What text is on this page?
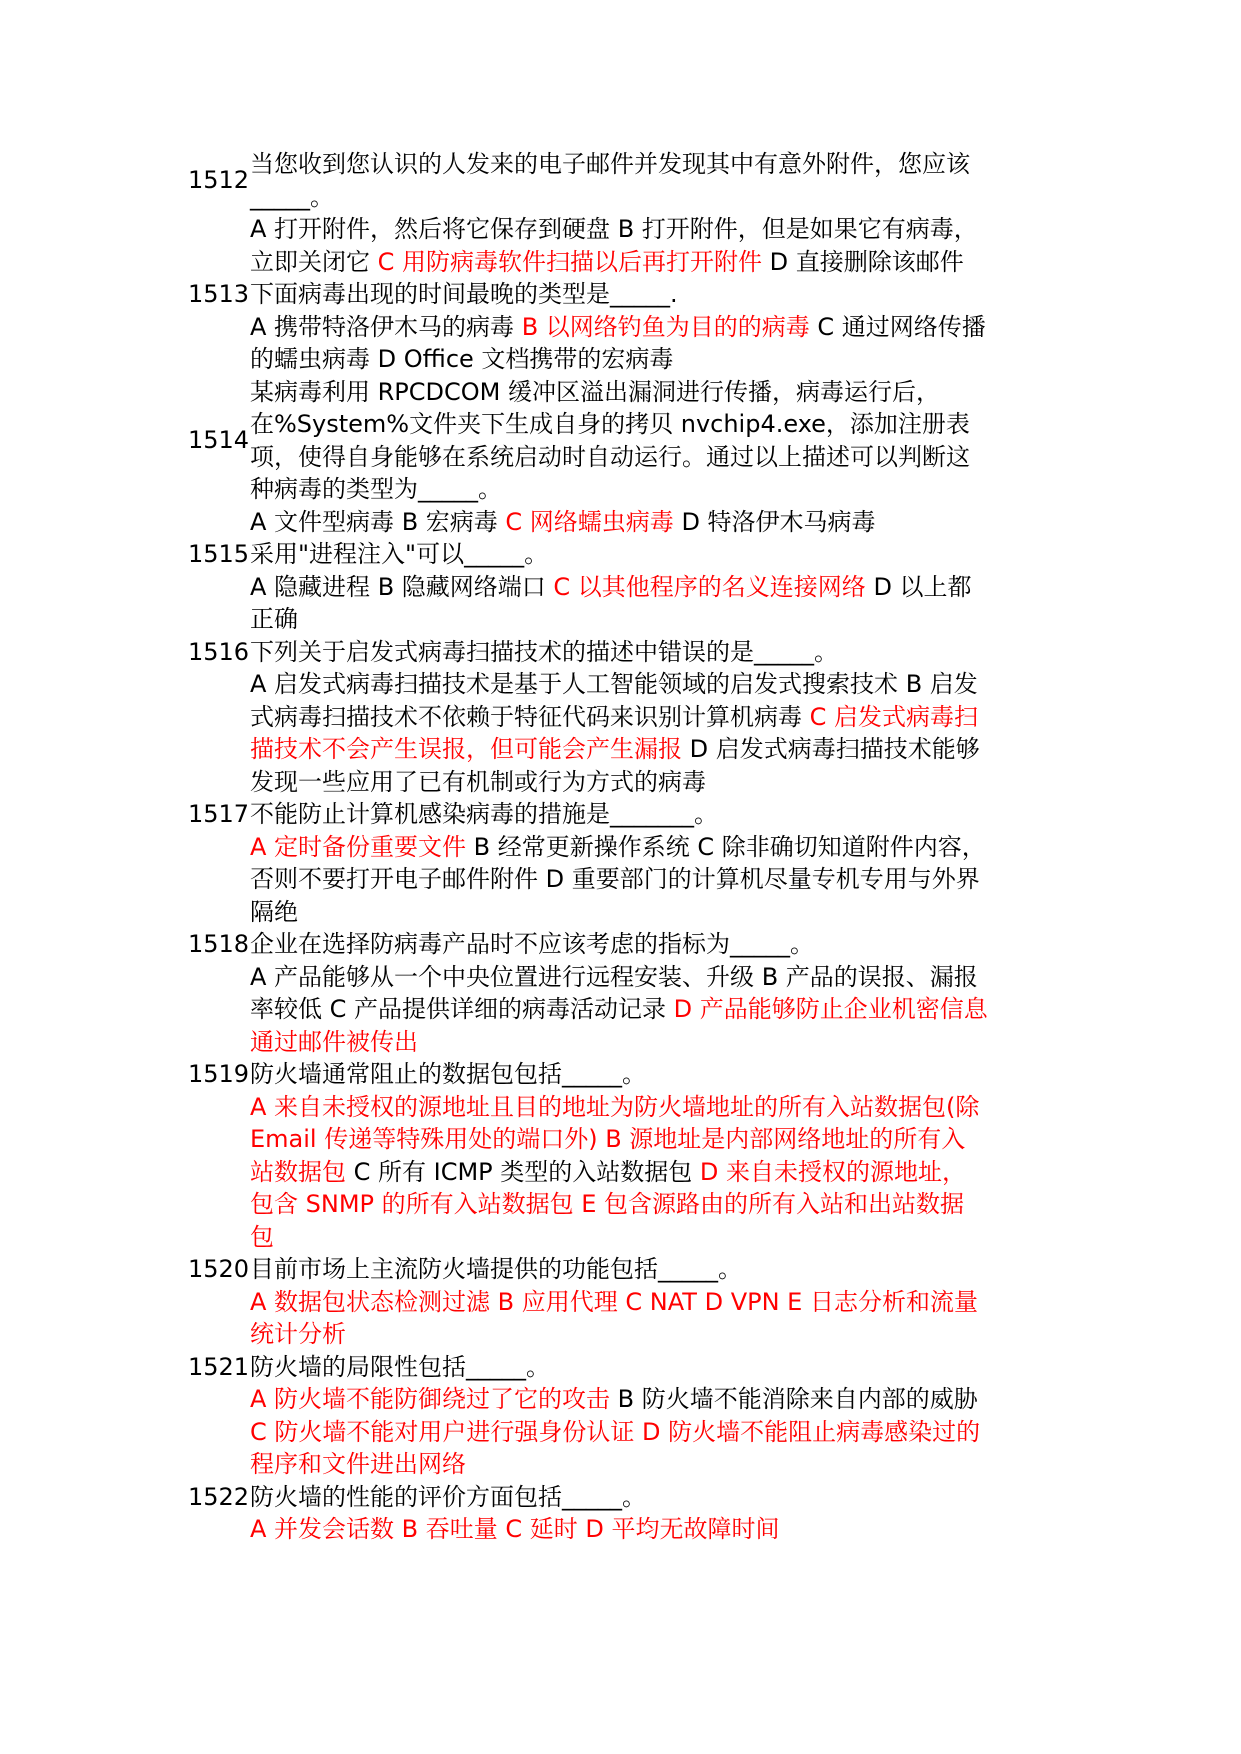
1512
当您收到您认识的人发来的电子邮件并发现其中有意外附件，您应该_____。
A 打开附件，然后将它保存到硬盘 B 打开附件，但是如果它有病毒，立即关闭它 C 用防病毒软件扫描以后再打开附件 D 直接删除该邮件
1513 下面病毒出现的时间最晚的类型是_____.
A 携带特洛伊木马的病毒 B 以网络钓鱼为目的的病毒 C 通过网络传播的蠕虫病毒 D Office 文档携带的宏病毒
1514
某病毒利用 RPCDCOM 缓冲区溢出漏洞进行传播，病毒运行后，在%System%文件夹下生成自身的拷贝 nvchip4.exe，添加注册表项，使得自身能够在系统启动时自动运行。通过以上描述可以判断这种病毒的类型为_____。
A 文件型病毒 B 宏病毒 C 网络蠕虫病毒 D 特洛伊木马病毒
1515 采用"进程注入"可以_____。
A 隐藏进程 B 隐藏网络端口 C 以其他程序的名义连接网络 D 以上都正确
1516 下列关于启发式病毒扫描技术的描述中错误的是_____。
A 启发式病毒扫描技术是基于人工智能领域的启发式搜索技术 B 启发式病毒扫描技术不依赖于特征代码来识别计算机病毒 C 启发式病毒扫描技术不会产生误报，但可能会产生漏报 D 启发式病毒扫描技术能够发现一些应用了已有机制或行为方式的病毒
1517 不能防止计算机感染病毒的措施是_______。
A 定时备份重要文件 B 经常更新操作系统 C 除非确切知道附件内容，否则不要打开电子邮件附件 D 重要部门的计算机尽量专机专用与外界隔绝
1518 企业在选择防病毒产品时不应该考虑的指标为_____。
A 产品能够从一个中央位置进行远程安装、升级 B 产品的误报、漏报率较低 C 产品提供详细的病毒活动记录 D 产品能够防止企业机密信息通过邮件被传出
1519 防火墙通常阻止的数据包包括_____。
A 来自未授权的源地址且目的地址为防火墙地址的所有入站数据包(除 Email 传递等特殊用处的端口外) B 源地址是内部网络地址的所有入站数据包 C 所有 ICMP 类型的入站数据包 D 来自未授权的源地址，包含 SNMP 的所有入站数据包 E 包含源路由的所有入站和出站数据包
1520 目前市场上主流防火墙提供的功能包括_____。
A 数据包状态检测过滤 B 应用代理 C NAT D VPN E 日志分析和流量统计分析
1521 防火墙的局限性包括_____。
A 防火墙不能防御绕过了它的攻击 B 防火墙不能消除来自内部的威胁 C 防火墙不能对用户进行强身份认证 D 防火墙不能阻止病毒感染过的程序和文件进出网络
1522 防火墙的性能的评价方面包括_____。
A 并发会话数 B 吞吐量 C 延时 D 平均无故障时间
